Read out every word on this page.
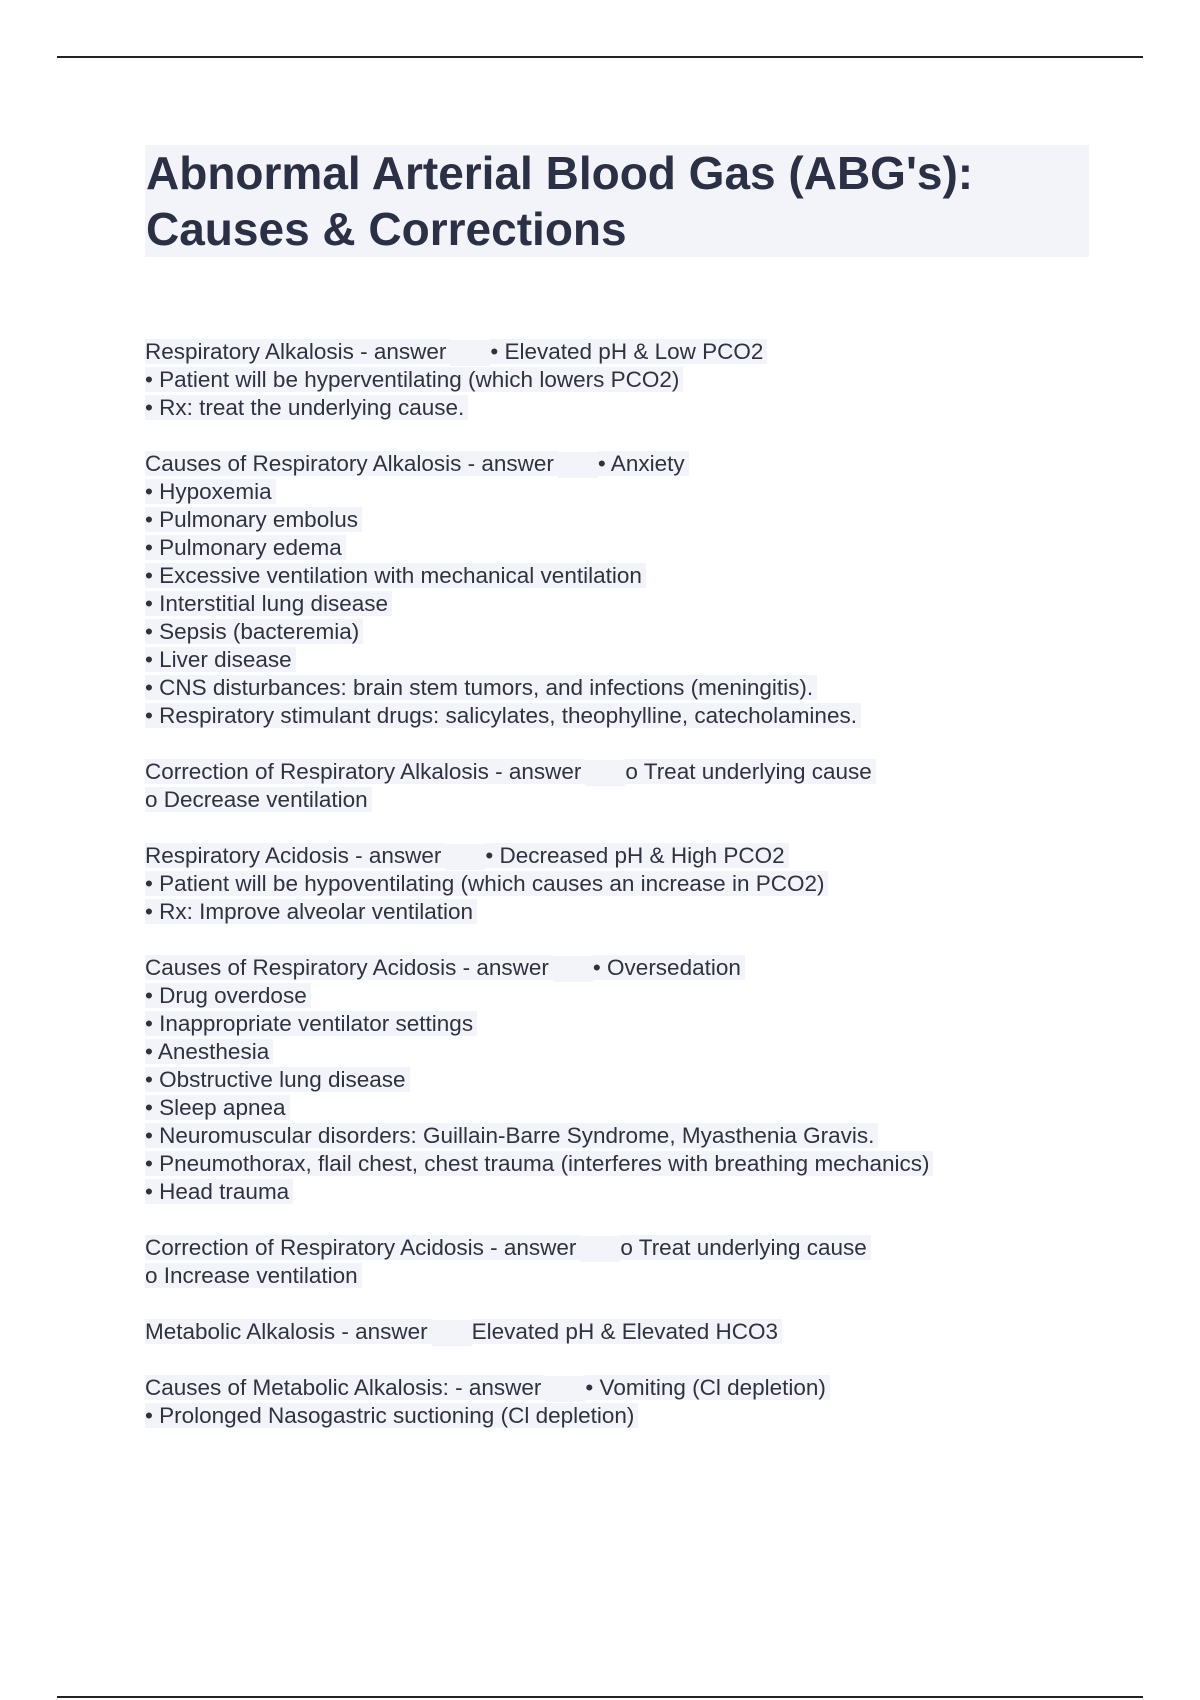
Abnormal Arterial Blood Gas (ABG's):
Causes & Corrections
Respiratory Alkalosis - answer • Elevated pH & Low PCO2
• Patient will be hyperventilating (which lowers PCO2)
• Rx: treat the underlying cause.
Causes of Respiratory Alkalosis - answer • Anxiety
• Hypoxemia
• Pulmonary embolus
• Pulmonary edema
• Excessive ventilation with mechanical ventilation
• Interstitial lung disease
• Sepsis (bacteremia)
• Liver disease
• CNS disturbances: brain stem tumors, and infections (meningitis).
• Respiratory stimulant drugs: salicylates, theophylline, catecholamines.
Correction of Respiratory Alkalosis - answer o Treat underlying cause
o Decrease ventilation
Respiratory Acidosis - answer • Decreased pH & High PCO2
• Patient will be hypoventilating (which causes an increase in PCO2)
• Rx: Improve alveolar ventilation
Causes of Respiratory Acidosis - answer • Oversedation
• Drug overdose
• Inappropriate ventilator settings
• Anesthesia
• Obstructive lung disease
• Sleep apnea
• Neuromuscular disorders: Guillain-Barre Syndrome, Myasthenia Gravis.
• Pneumothorax, flail chest, chest trauma (interferes with breathing mechanics)
• Head trauma
Correction of Respiratory Acidosis - answer o Treat underlying cause
o Increase ventilation
Metabolic Alkalosis - answer Elevated pH & Elevated HCO3
Causes of Metabolic Alkalosis: - answer • Vomiting (Cl depletion)
• Prolonged Nasogastric suctioning (Cl depletion)
